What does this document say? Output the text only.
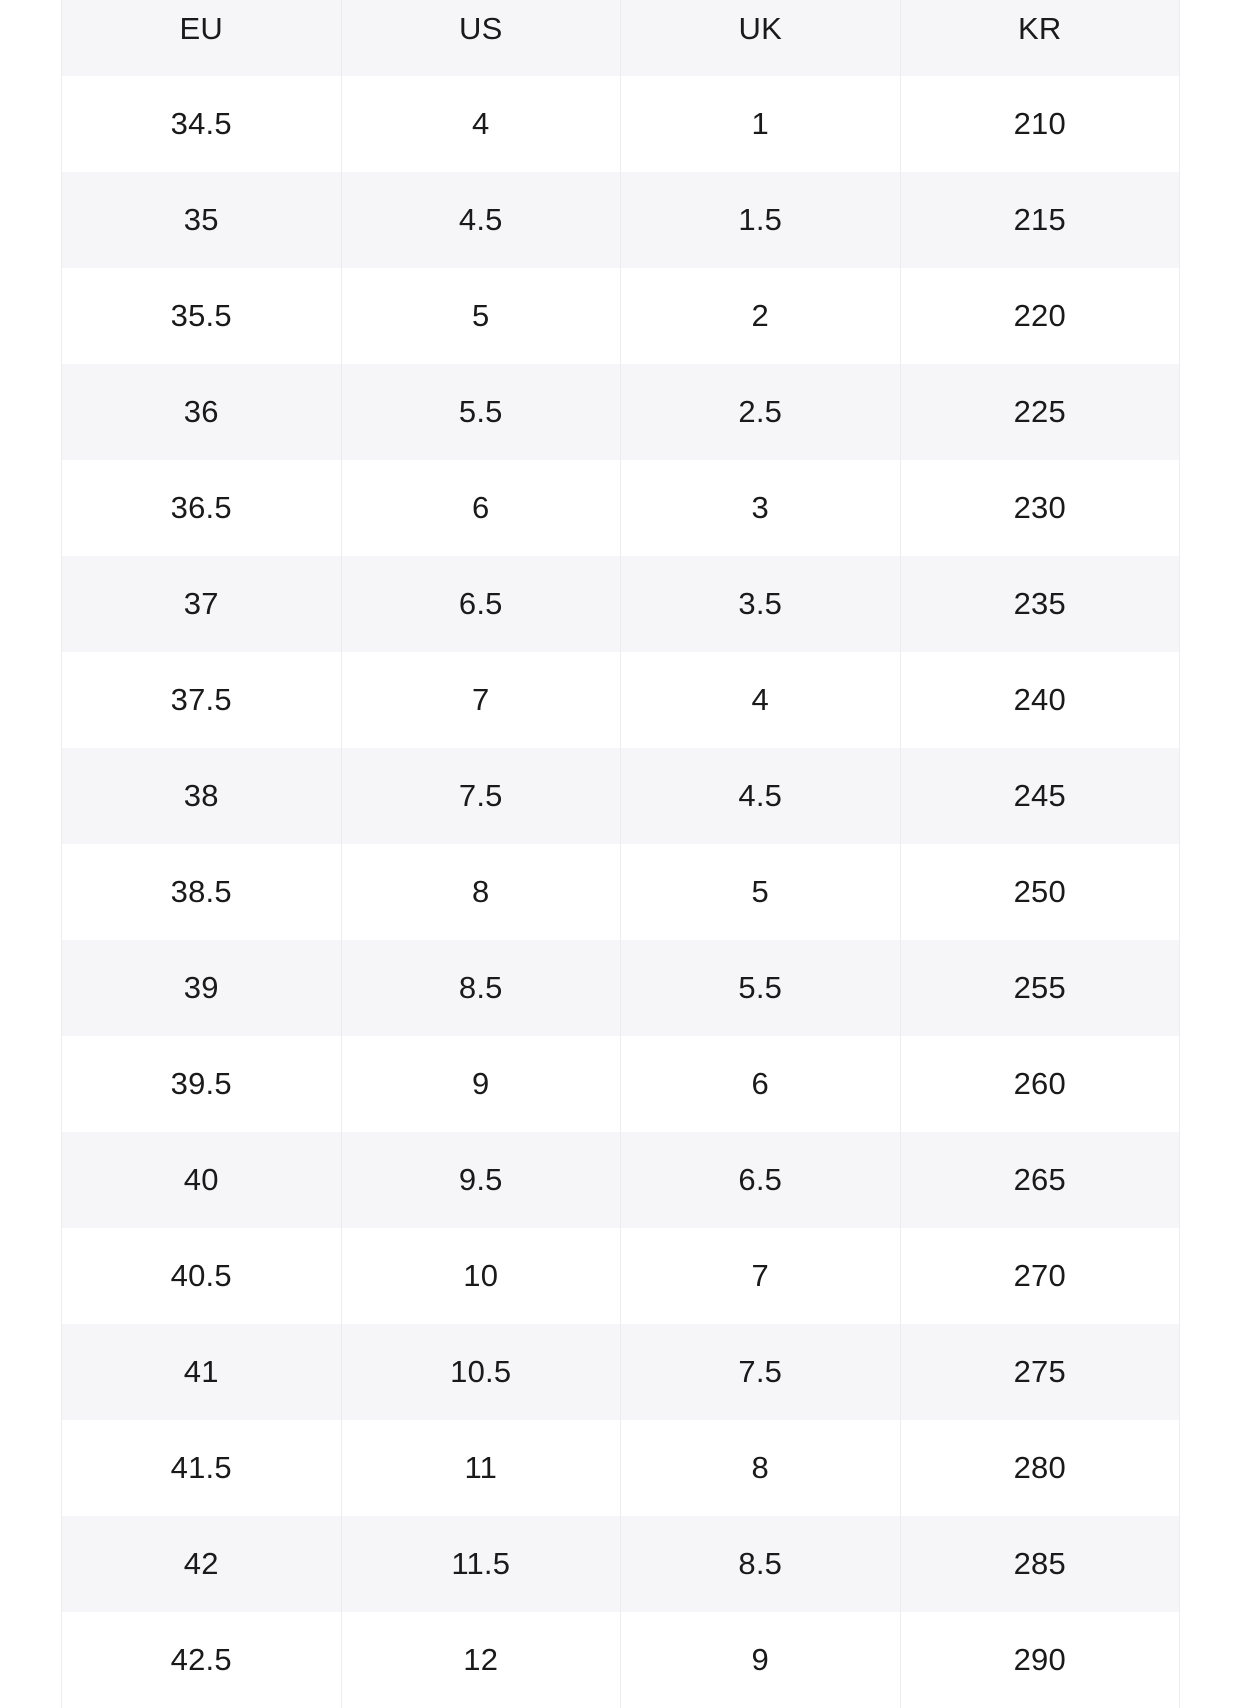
EU	US	UK	KR
34.5	4	1	210
35	4.5	1.5	215
35.5	5	2	220
36	5.5	2.5	225
36.5	6	3	230
37	6.5	3.5	235
37.5	7	4	240
38	7.5	4.5	245
38.5	8	5	250
39	8.5	5.5	255
39.5	9	6	260
40	9.5	6.5	265
40.5	10	7	270
41	10.5	7.5	275
41.5	11	8	280
42	11.5	8.5	285
42.5	12	9	290
